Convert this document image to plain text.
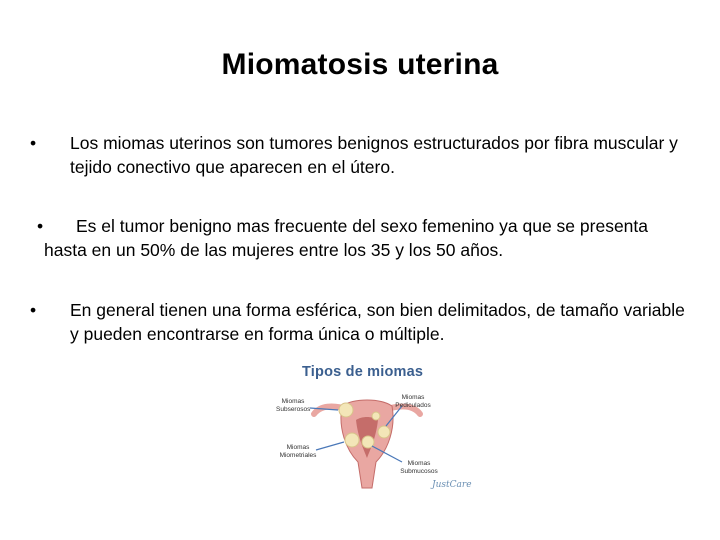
Miomatosis uterina
•	Los miomas uterinos son tumores benignos estructurados por fibra muscular y tejido conectivo que aparecen en el útero.
•	Es el tumor benigno mas frecuente del sexo femenino ya que se presenta
hasta en un 50% de las mujeres entre los 35 y los 50 años.
•	En general tienen una forma esférica, son bien delimitados, de tamaño variable y pueden encontrarse en forma única o múltiple.
Tipos de miomas
Miomas Subserosos
Miomas Pediculados
Miomas Miometriales
Miomas Submucosos
JustCare
